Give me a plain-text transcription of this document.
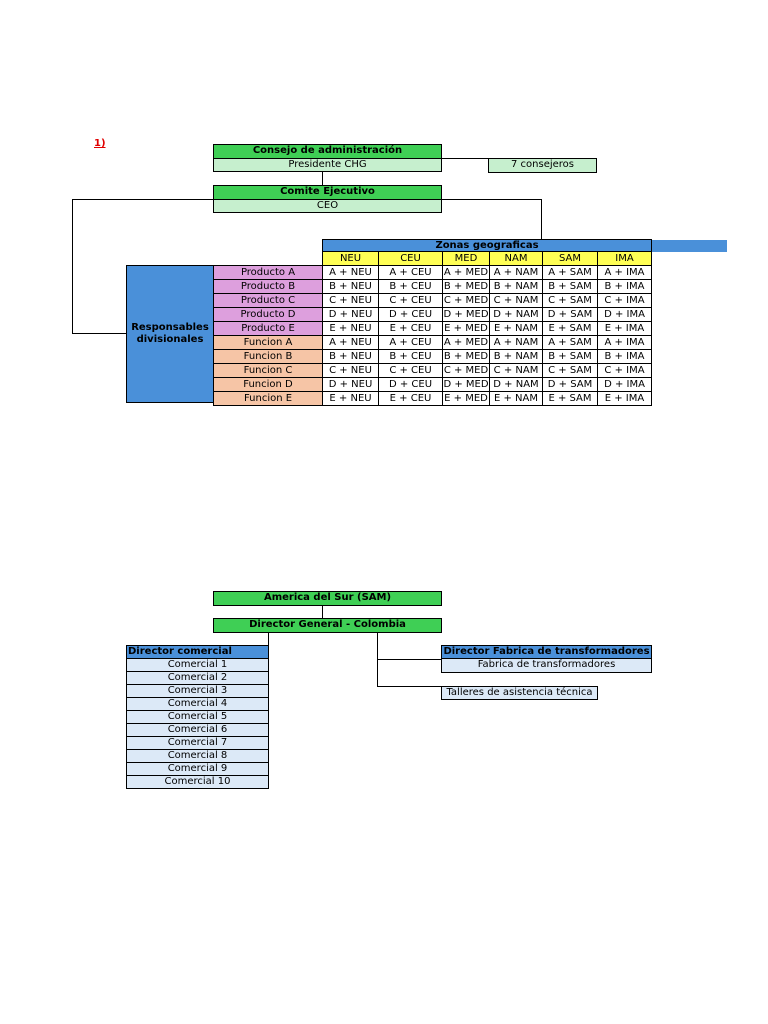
1)
Consejo de administración
Presidente CHG	7 consejeros
Comite Ejecutivo
CEO
Zonas geograficas
Responsables divisionales
	NEU	CEU	MED	NAM	SAM	IMA
Producto A	A + NEU	A + CEU	A + MED	A + NAM	A + SAM	A + IMA
Producto B	B + NEU	B + CEU	B + MED	B + NAM	B + SAM	B + IMA
Producto C	C + NEU	C + CEU	C + MED	C + NAM	C + SAM	C + IMA
Producto D	D + NEU	D + CEU	D + MED	D + NAM	D + SAM	D + IMA
Producto E	E + NEU	E + CEU	E + MED	E + NAM	E + SAM	E + IMA
Funcion A	A + NEU	A + CEU	A + MED	A + NAM	A + SAM	A + IMA
Funcion B	B + NEU	B + CEU	B + MED	B + NAM	B + SAM	B + IMA
Funcion C	C + NEU	C + CEU	C + MED	C + NAM	C + SAM	C + IMA
Funcion D	D + NEU	D + CEU	D + MED	D + NAM	D + SAM	D + IMA
Funcion E	E + NEU	E + CEU	E + MED	E + NAM	E + SAM	E + IMA
America del Sur (SAM)
Director General - Colombia
Director comercial
Comercial 1
Comercial 2
Comercial 3
Comercial 4
Comercial 5
Comercial 6
Comercial 7
Comercial 8
Comercial 9
Comercial 10
Director Fabrica de transformadores
Fabrica de transformadores
Talleres de asistencia técnica
